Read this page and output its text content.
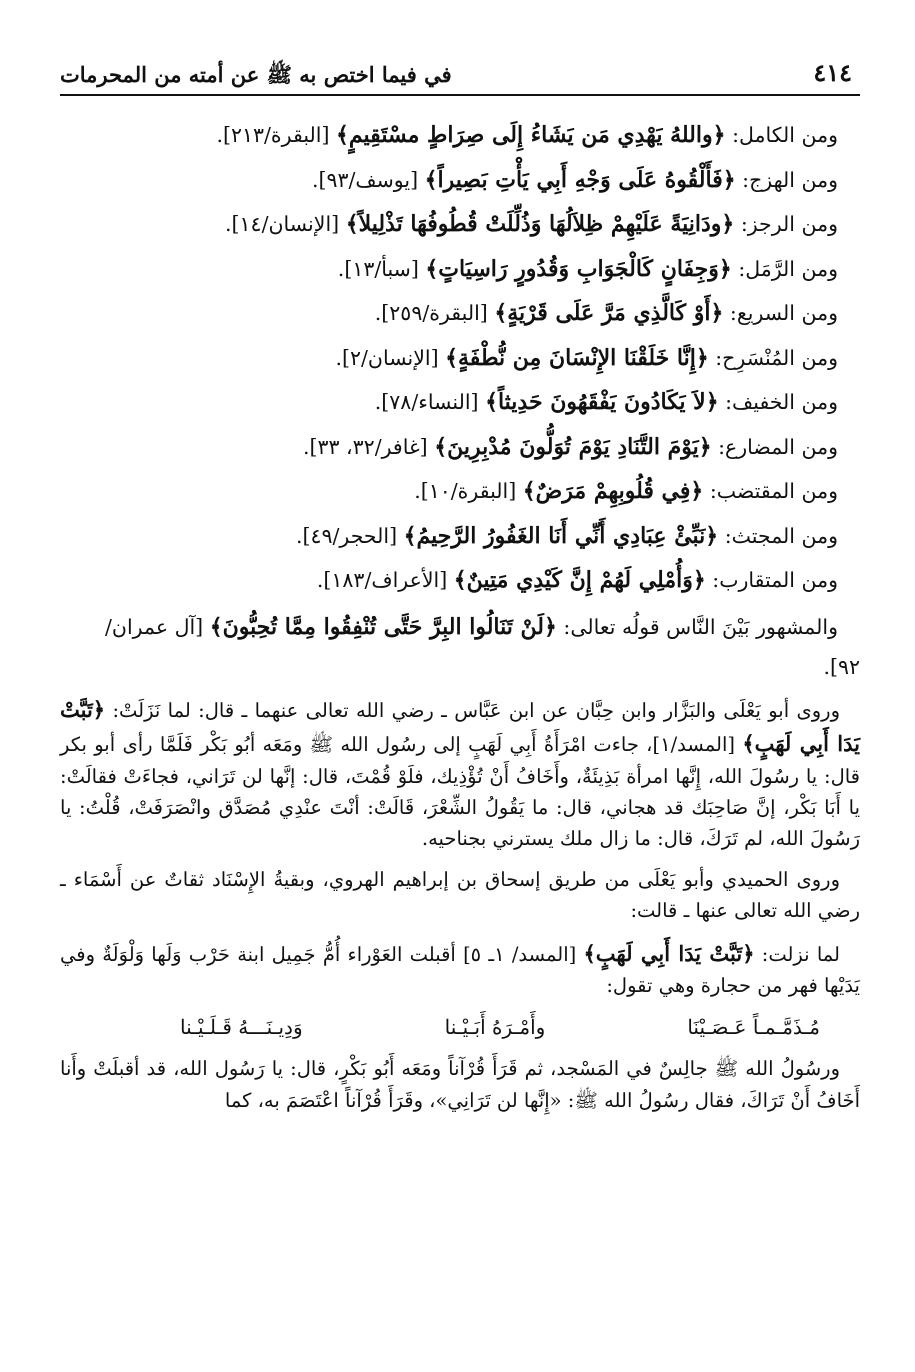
٤١٤
في فيما اختص به ﷺ عن أمته من المحرمات
ومن الكامل: ﴿واللهُ يَهْدِي مَن يَشَاءُ إِلَى صِرَاطٍ مسْتَقِيمٍ﴾ [البقرة/٢١٣].
ومن الهزج: ﴿فَأَلْقُوهُ عَلَى وَجْهِ أَبِي يَأْتِ بَصِيراً﴾ [يوسف/٩٣].
ومن الرجز: ﴿ودَانِيَةً عَلَيْهِمْ ظِلاَلُهَا وَذُلِّلَتْ قُطُوفُهَا تَذْلِيلاً﴾ [الإنسان/١٤].
ومن الرَّمَل: ﴿وَجِفَانٍ كَالْجَوَابِ وَقُدُورٍ رَاسِيَاتٍ﴾ [سبأ/١٣].
ومن السريع: ﴿أَوْ كَالَّذِي مَرَّ عَلَى قَرْيَةٍ﴾ [البقرة/٢٥٩].
ومن المُنْسَرِح: ﴿إِنَّا خَلَقْنَا الإِنْسَانَ مِن نُّطْفَةٍ﴾ [الإنسان/٢].
ومن الخفيف: ﴿لاَ يَكَادُونَ يَفْقَهُونَ حَدِيثاً﴾ [النساء/٧٨].
ومن المضارع: ﴿يَوْمَ التَّنَادِ يَوْمَ تُوَلُّونَ مُدْبِرِينَ﴾ [غافر/٣٢، ٣٣].
ومن المقتضب: ﴿فِي قُلُوبِهِمْ مَرَضٌ﴾ [البقرة/١٠].
ومن المجتث: ﴿نَبِّئْ عِبَادِي أَنِّي أَنَا الغَفُورُ الرَّحِيمُ﴾ [الحجر/٤٩].
ومن المتقارب: ﴿وَأُمْلِي لَهُمْ إِنَّ كَيْدِي مَتِينٌ﴾ [الأعراف/١٨٣].
والمشهور بَيْنَ النَّاس قولُه تعالى: ﴿لَنْ تَنَالُوا البِرَّ حَتَّى تُنْفِقُوا مِمَّا تُحِبُّونَ﴾ [آل عمران/
٩٢].
وروى أبو يَعْلَى والبَزَّار وابن حِبَّان عن ابن عَبَّاس ـ رضي الله تعالى عنهما ـ قال: لما نَزَلَتْ: ﴿تَبَّتْ يَدَا أَبِي لَهَبٍ﴾ [المسد/١]، جاءت امْرَأَةُ أَبِي لَهَبٍ إلى رسُول الله ﷺ ومَعَه أبُو بَكْر فَلَمَّا رأى أبو بكر قال: يا رسُولَ الله، إِنَّها امرأة بَذِيئَةٌ، وأَخَافُ أَنْ تُؤْذِيك، فلَوْ قُمْتَ، قال: إنَّها لن تَرَاني، فجاءَتْ فقالَتْ: يا أَبَا بَكْر، إنَّ صَاحِبَك قد هجاني، قال: ما يَقُولُ الشِّعْرَ، قَالَتْ: أنْتَ عنْدِي مُصَدَّق وانْصَرَفَتْ، قُلْتُ: يا رَسُولَ الله، لم تَرَكَ، قال: ما زال ملك يسترني بجناحيه.
وروى الحميدي وأبو يَعْلَى من طريق إسحاق بن إبراهيم الهروي، وبقيةُ الإِسْنَاد ثقاتٌ عن أَسْمَاء ـ رضي الله تعالى عنها ـ قالت:
لما نزلت: ﴿تَبَّتْ يَدَا أَبِي لَهَبٍ﴾ [المسد/ ١ـ ٥] أقبلت العَوْراء أُمُّ جَمِيل ابنة حَرْب وَلَها وَلْوَلَةٌ وفي يَدَيْها فهر من حجارة وهي تقول:
مُـذَمَّـمـاً عَـصَـيْنَا
وأَمْـرَهُ أَبَـيْـنا
وَدِيـنَـــهُ قَـلَـيْـنا
ورسُولُ الله ﷺ جالِسٌ في المَسْجد، ثم قَرَأَ قُرْآناً ومَعَه أَبُو بَكْرٍ، قال: يا رَسُول الله، قد أقبلَتْ وأَنا أَخَافُ أَنْ تَرَاكَ، فقال رسُولُ الله ﷺ: «إِنَّها لن تَرَانِي»، وقَرَأَ قُرْآناً اعْتَصَمَ به، كما
